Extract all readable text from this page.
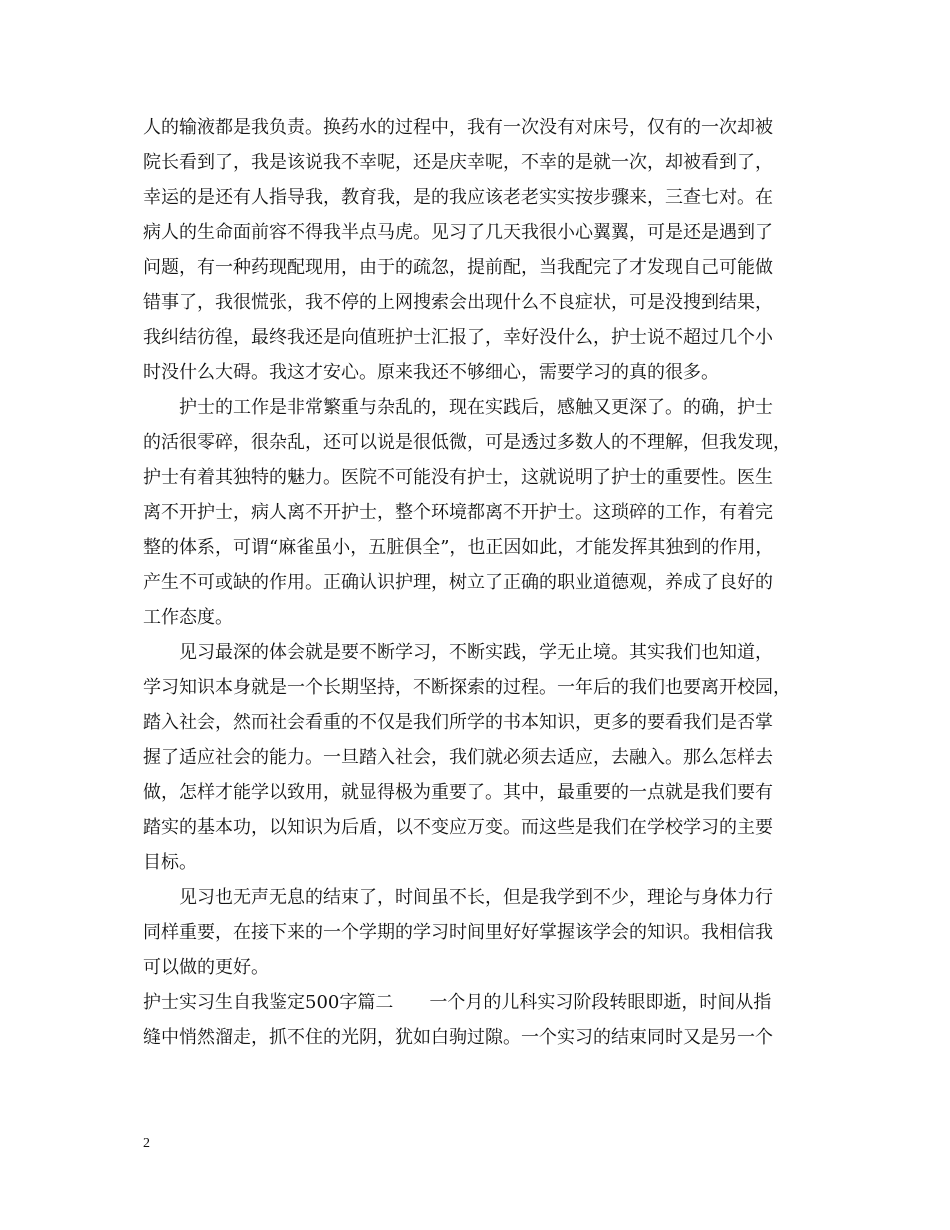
人的输液都是我负责。换药水的过程中，我有一次没有对床号，仅有的一次却被
院长看到了，我是该说我不幸呢，还是庆幸呢，不幸的是就一次，却被看到了，
幸运的是还有人指导我，教育我，是的我应该老老实实按步骤来，三查七对。在
病人的生命面前容不得我半点马虎。见习了几天我很小心翼翼，可是还是遇到了
问题，有一种药现配现用，由于的疏忽，提前配，当我配完了才发现自己可能做
错事了，我很慌张，我不停的上网搜索会出现什么不良症状，可是没搜到结果，
我纠结彷徨，最终我还是向值班护士汇报了，幸好没什么，护士说不超过几个小
时没什么大碍。我这才安心。原来我还不够细心，需要学习的真的很多。
护士的工作是非常繁重与杂乱的，现在实践后，感触又更深了。的确，护士
的活很零碎，很杂乱，还可以说是很低微，可是透过多数人的不理解，但我发现，
护士有着其独特的魅力。医院不可能没有护士，这就说明了护士的重要性。医生
离不开护士，病人离不开护士，整个环境都离不开护士。这琐碎的工作，有着完
整的体系，可谓“麻雀虽小，五脏俱全”，也正因如此，才能发挥其独到的作用，
产生不可或缺的作用。正确认识护理，树立了正确的职业道德观，养成了良好的
工作态度。
见习最深的体会就是要不断学习，不断实践，学无止境。其实我们也知道，
学习知识本身就是一个长期坚持，不断探索的过程。一年后的我们也要离开校园，
踏入社会，然而社会看重的不仅是我们所学的书本知识，更多的要看我们是否掌
握了适应社会的能力。一旦踏入社会，我们就必须去适应，去融入。那么怎样去
做，怎样才能学以致用，就显得极为重要了。其中，最重要的一点就是我们要有
踏实的基本功，以知识为后盾，以不变应万变。而这些是我们在学校学习的主要
目标。
见习也无声无息的结束了，时间虽不长，但是我学到不少，理论与身体力行
同样重要，在接下来的一个学期的学习时间里好好掌握该学会的知识。我相信我
可以做的更好。
护士实习生自我鉴定500字篇二　　一个月的儿科实习阶段转眼即逝，时间从指
缝中悄然溜走，抓不住的光阴，犹如白驹过隙。一个实习的结束同时又是另一个
2
